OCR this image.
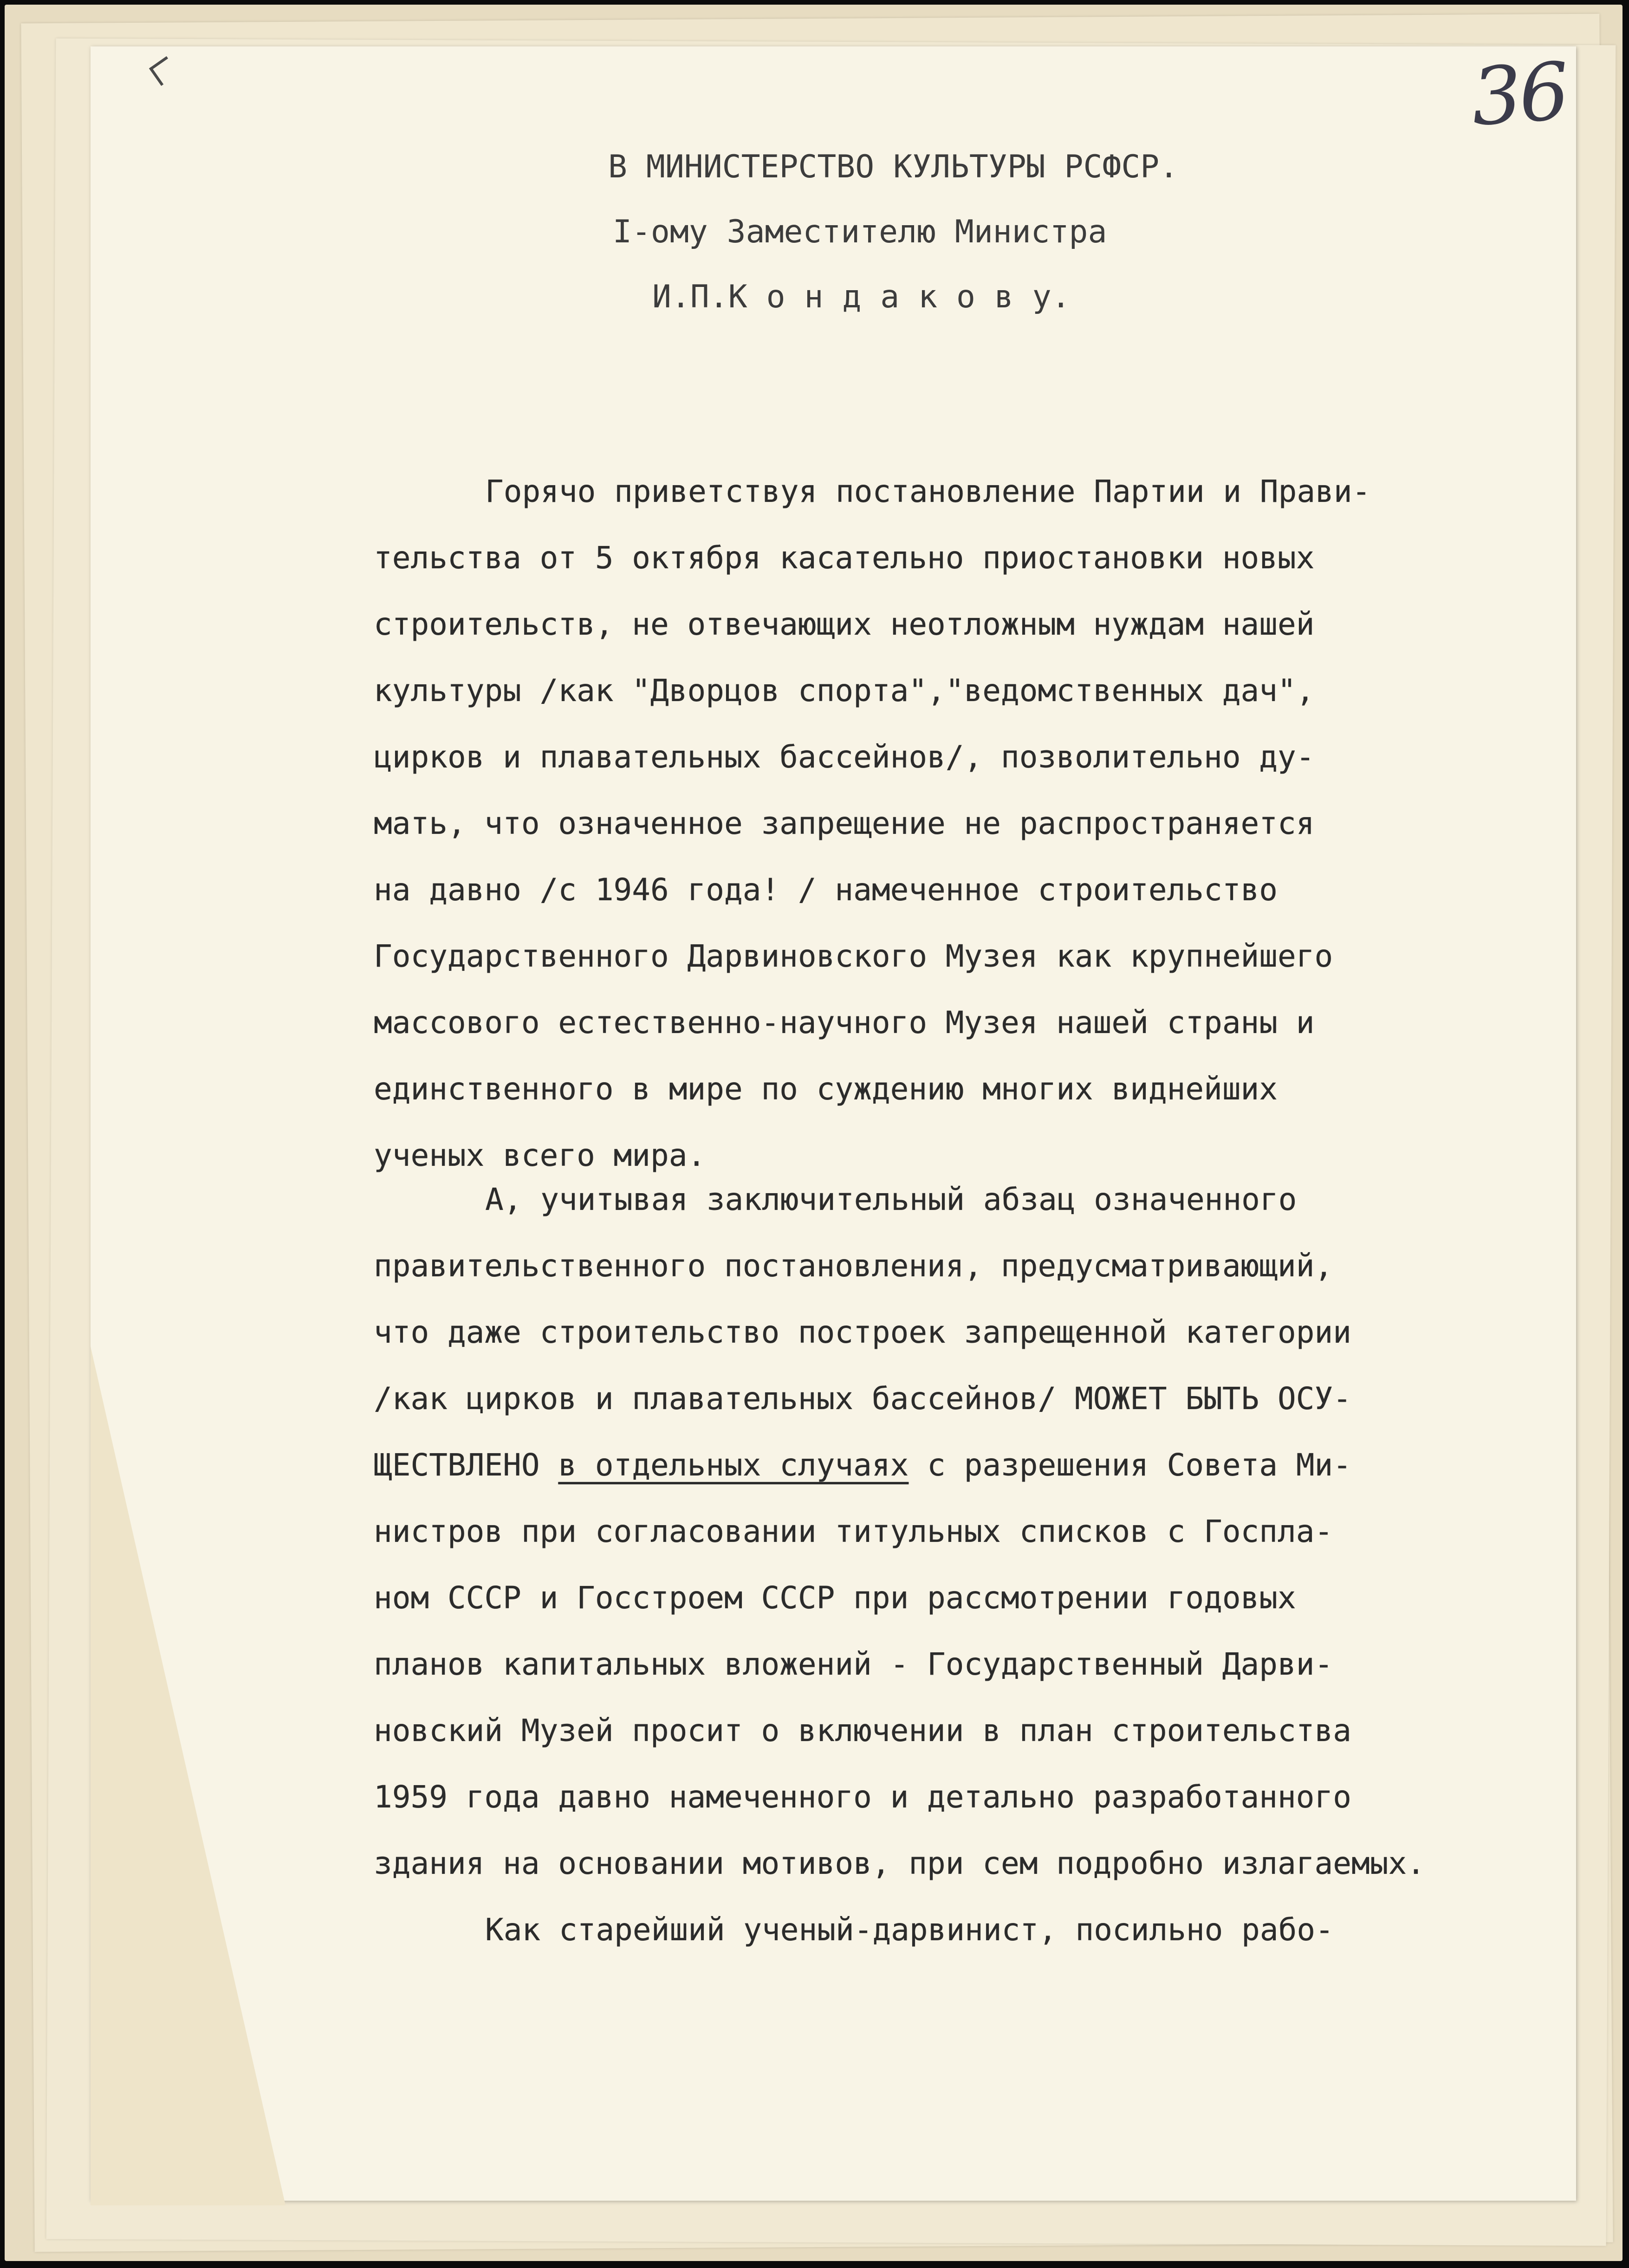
36
В МИНИСТЕРСТВО КУЛЬТУРЫ РСФСР.
I-ому Заместителю Министра
И.П.К о н д а к о в у.
Горячо приветствуя постановление Партии и Прави-
тельства от 5 октября касательно приостановки новых
строительств, не отвечающих неотложным нуждам нашей
культуры /как "Дворцов спорта","ведомственных дач",
цирков и плавательных бассейнов/, позволительно ду-
мать, что означенное запрещение не распространяется
на давно /с 1946 года! / намеченное строительство
Государственного Дарвиновского Музея как крупнейшего
массового естественно-научного Музея нашей страны и
единственного в мире по суждению многих виднейших
ученых всего мира.
А, учитывая заключительный абзац означенного
правительственного постановления, предусматривающий,
что даже строительство построек запрещенной категории
/как цирков и плавательных бассейнов/ МОЖЕТ БЫТЬ ОСУ-
ЩЕСТВЛЕНО в отдельных случаях с разрешения Совета Ми-
нистров при согласовании титульных списков с Госпла-
ном СССР и Госстроем СССР при рассмотрении годовых
планов капитальных вложений - Государственный Дарви-
новский Музей просит о включении в план строительства
1959 года давно намеченного и детально разработанного
здания на основании мотивов, при сем подробно излагаемых.
Как старейший ученый-дарвинист, посильно рабо-
